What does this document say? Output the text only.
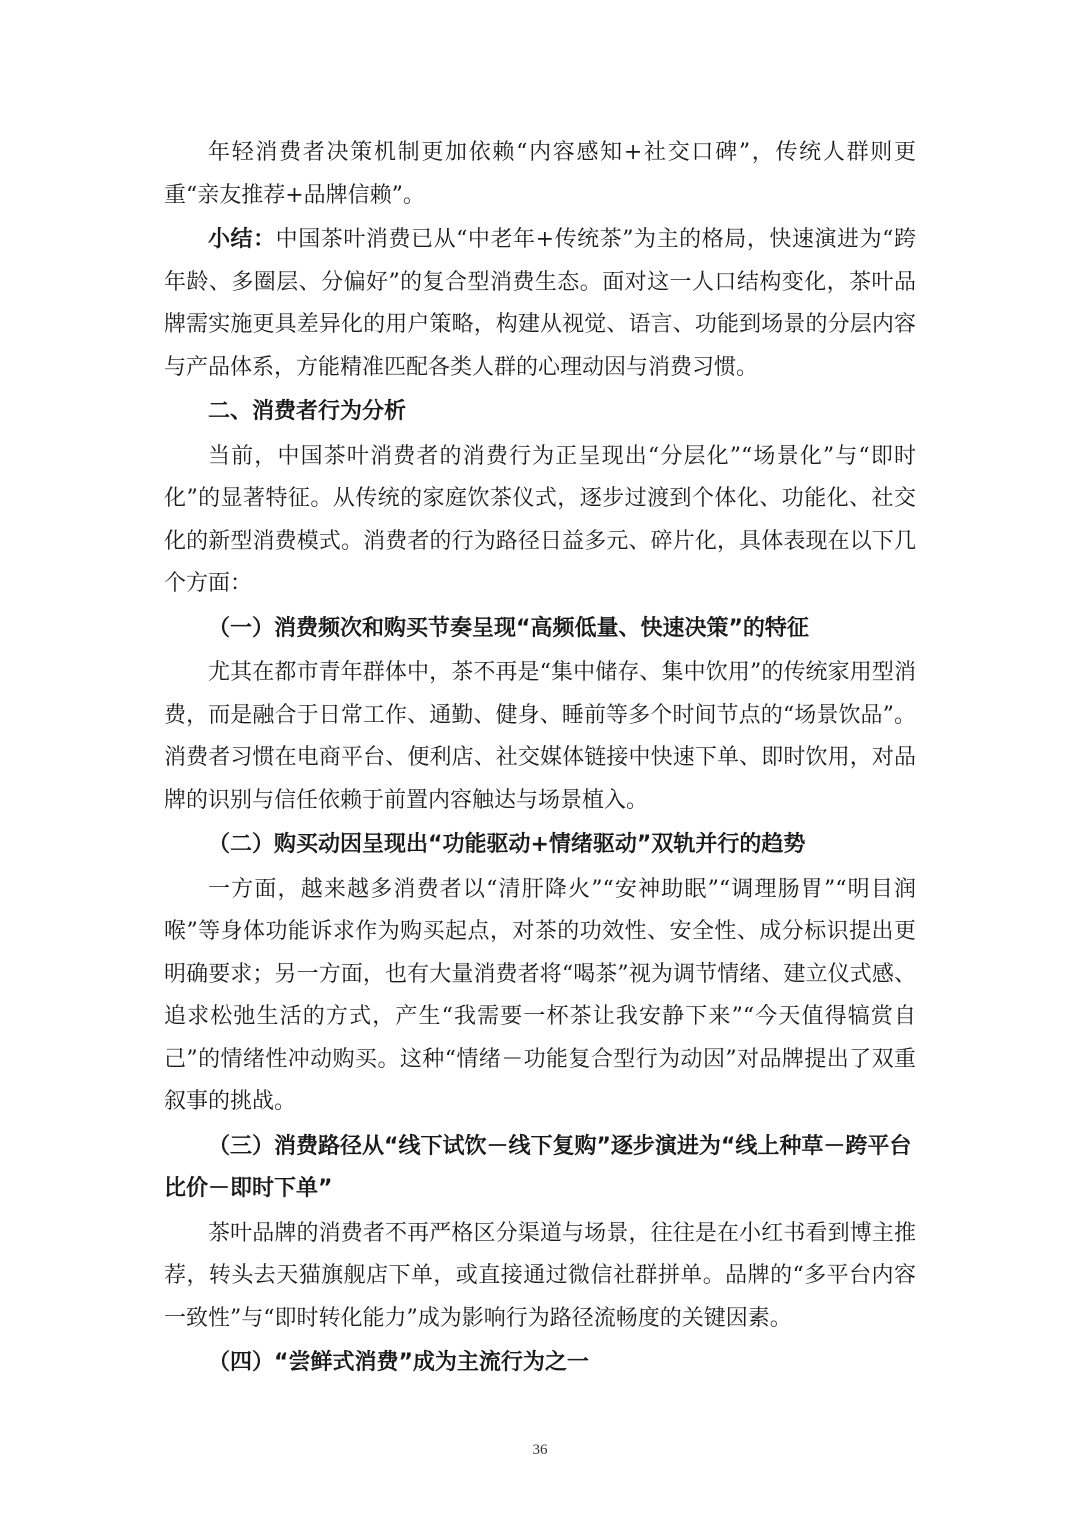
年轻消费者决策机制更加依赖“内容感知+社交口碑”，传统人群则更重“亲友推荐+品牌信赖”。

小结：中国茶叶消费已从“中老年+传统茶”为主的格局，快速演进为“跨年龄、多圈层、分偏好”的复合型消费生态。面对这一人口结构变化，茶叶品牌需实施更具差异化的用户策略，构建从视觉、语言、功能到场景的分层内容与产品体系，方能精准匹配各类人群的心理动因与消费习惯。

二、消费者行为分析

当前，中国茶叶消费者的消费行为正呈现出“分层化”“场景化”与“即时化”的显著特征。从传统的家庭饮茶仪式，逐步过渡到个体化、功能化、社交化的新型消费模式。消费者的行为路径日益多元、碎片化，具体表现在以下几个方面：

（一）消费频次和购买节奏呈现“高频低量、快速决策”的特征

尤其在都市青年群体中，茶不再是“集中储存、集中饮用”的传统家用型消费，而是融合于日常工作、通勤、健身、睡前等多个时间节点的“场景饮品”。消费者习惯在电商平台、便利店、社交媒体链接中快速下单、即时饮用，对品牌的识别与信任依赖于前置内容触达与场景植入。

（二）购买动因呈现出“功能驱动+情绪驱动”双轨并行的趋势

一方面，越来越多消费者以“清肝降火”“安神助眠”“调理肠胃”“明目润喉”等身体功能诉求作为购买起点，对茶的功效性、安全性、成分标识提出更明确要求；另一方面，也有大量消费者将“喝茶”视为调节情绪、建立仪式感、追求松弛生活的方式，产生“我需要一杯茶让我安静下来”“今天值得犒赏自己”的情绪性冲动购买。这种“情绪－功能复合型行为动因”对品牌提出了双重叙事的挑战。

（三）消费路径从“线下试饮－线下复购”逐步演进为“线上种草－跨平台比价－即时下单”

茶叶品牌的消费者不再严格区分渠道与场景，往往是在小红书看到博主推荐，转头去天猫旗舰店下单，或直接通过微信社群拼单。品牌的“多平台内容一致性”与“即时转化能力”成为影响行为路径流畅度的关键因素。

（四）“尝鲜式消费”成为主流行为之一

36
